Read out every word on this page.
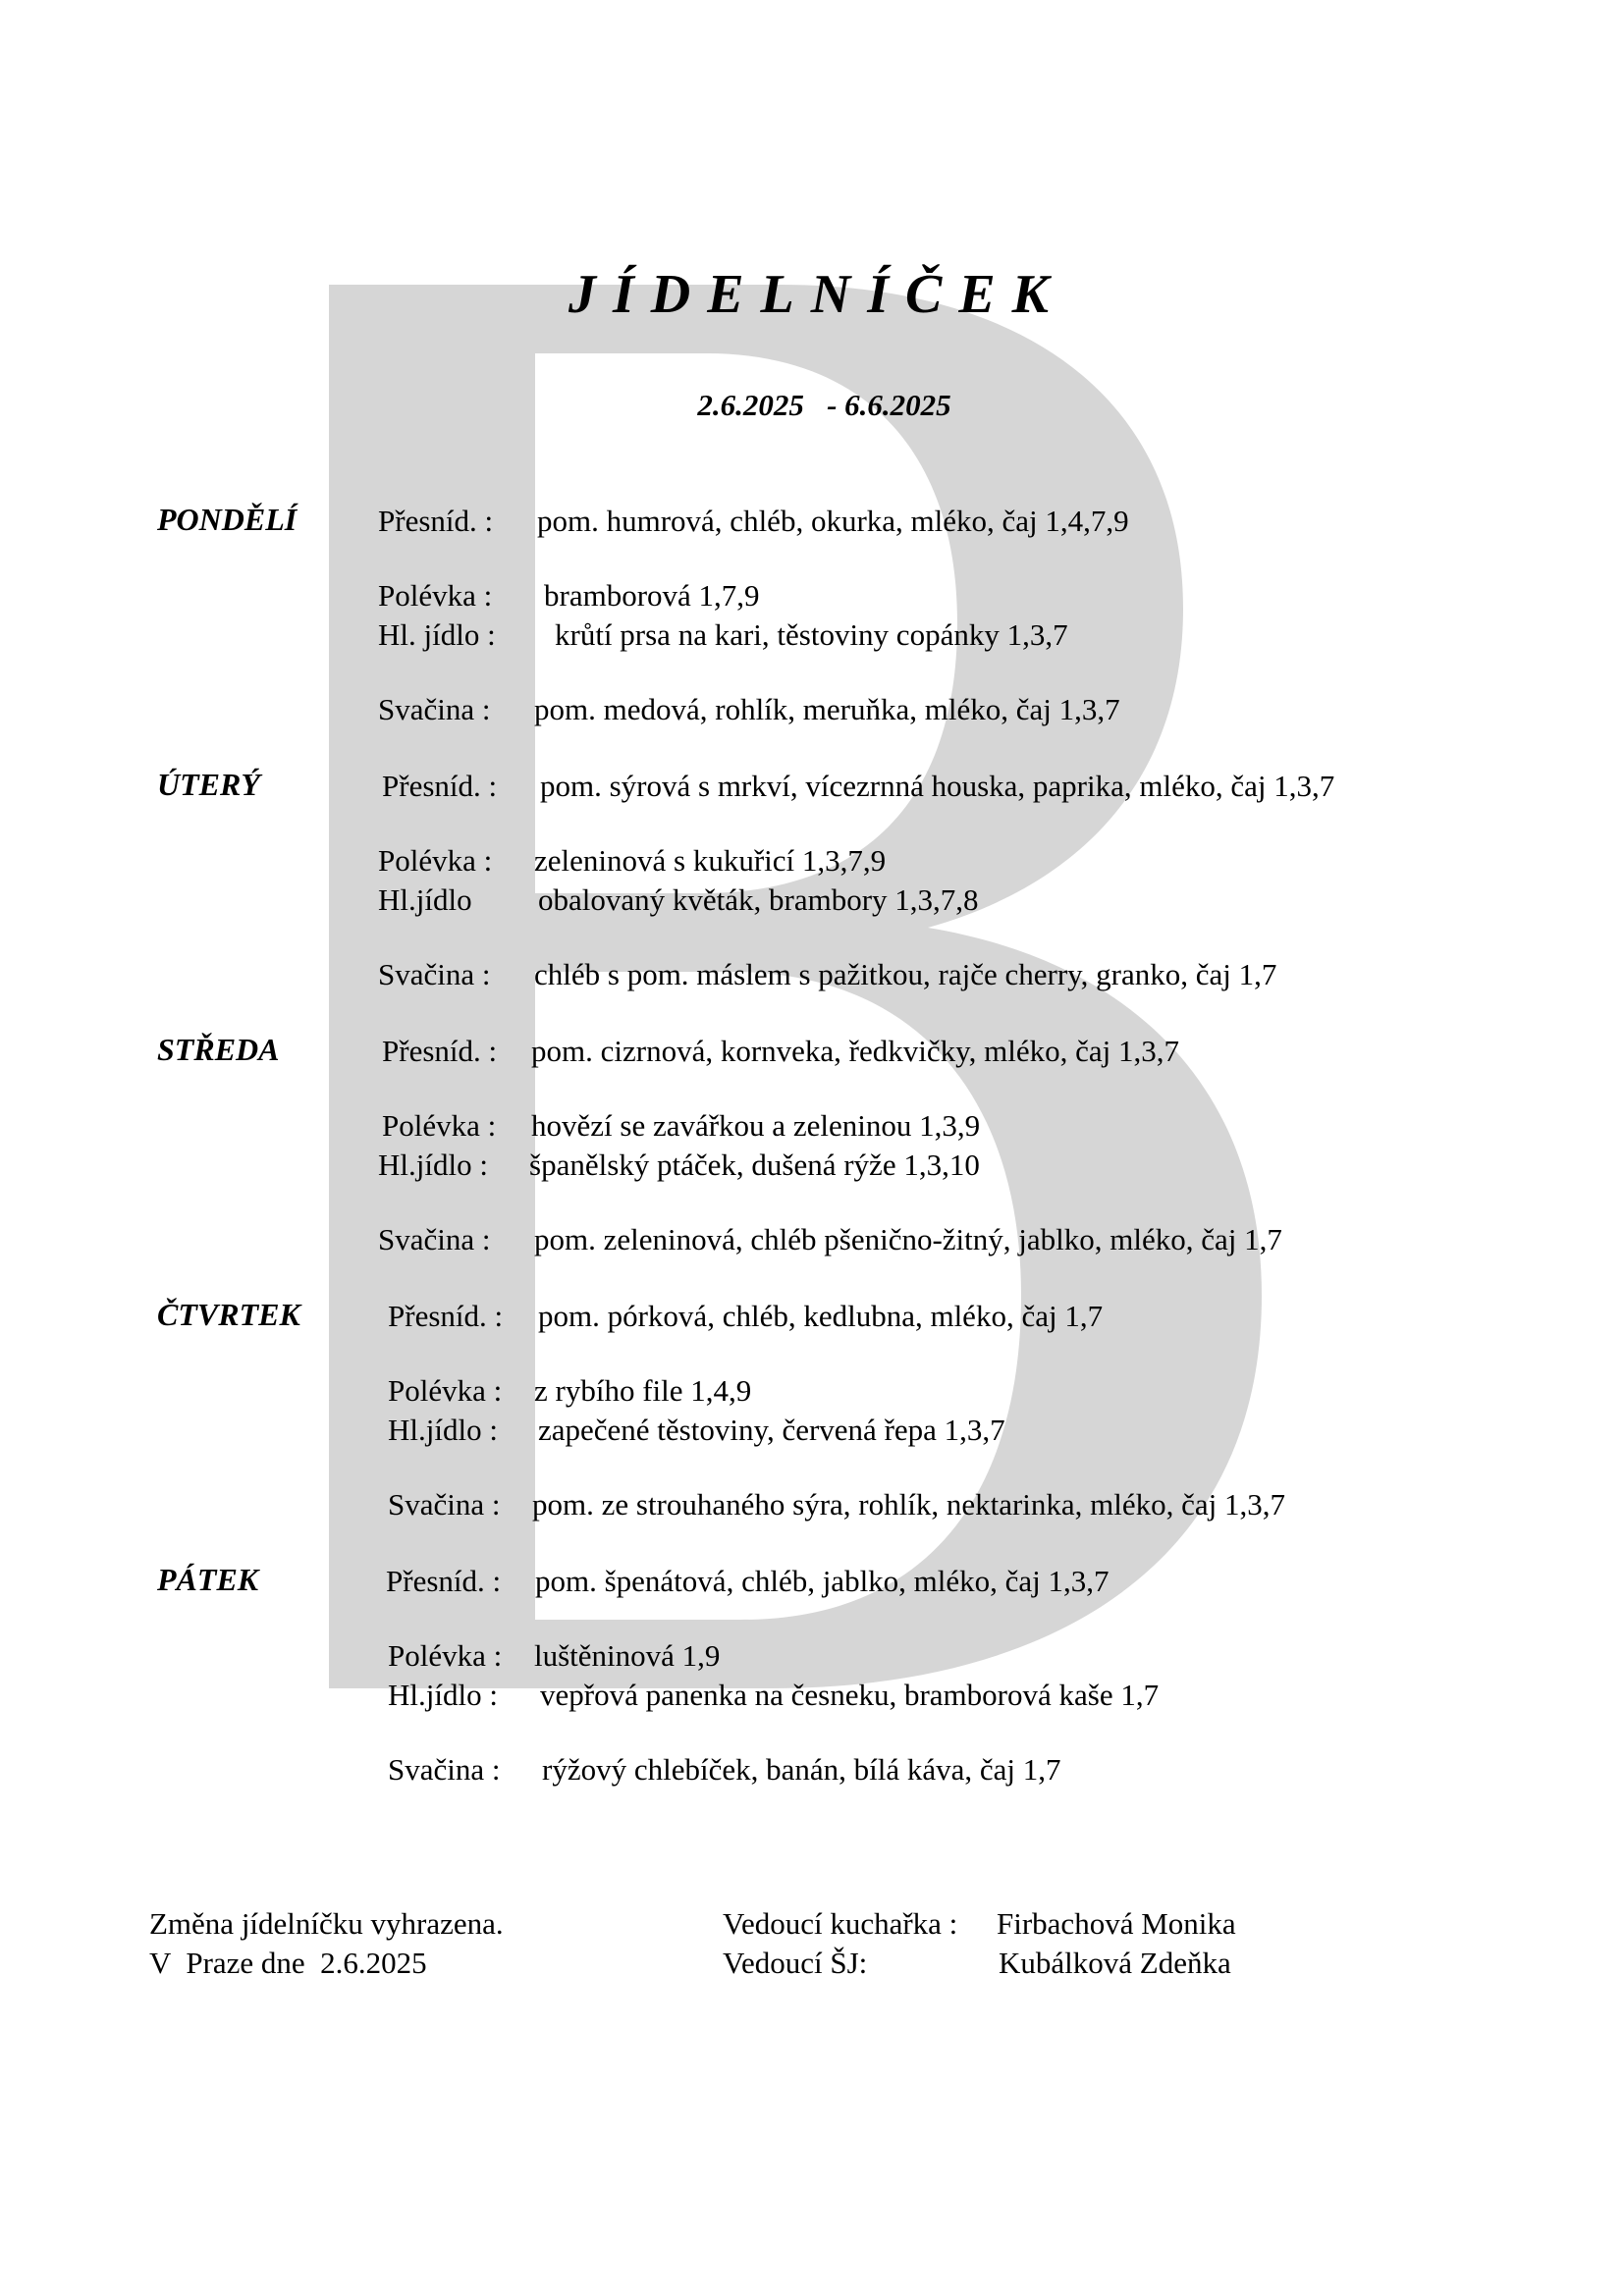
JÍDELNÍČEK
2.6.2025   - 6.6.2025
PONDĚLÍ	Přesníd. : pom. humrová, chléb, okurka, mléko, čaj 1,4,7,9
Polévka : bramborová 1,7,9
Hl. jídlo : krůtí prsa na kari, těstoviny copánky 1,3,7
Svačina : pom. medová, rohlík, meruňka, mléko, čaj 1,3,7
ÚTERÝ	Přesníd. : pom. sýrová s mrkví, vícezrnná houska, paprika, mléko, čaj 1,3,7
Polévka : zeleninová s kukuřicí 1,3,7,9
Hl.jídlo obalovaný květák, brambory 1,3,7,8
Svačina : chléb s pom. máslem s pažitkou, rajče cherry, granko, čaj 1,7
STŘEDA	Přesníd. : pom. cizrnová, kornveka, ředkvičky, mléko, čaj 1,3,7
Polévka : hovězí se zavářkou a zeleninou 1,3,9
Hl.jídlo : španělský ptáček, dušená rýže 1,3,10
Svačina : pom. zeleninová, chléb pšenično-žitný, jablko, mléko, čaj 1,7
ČTVRTEK	Přesníd. : pom. pórková, chléb, kedlubna, mléko, čaj 1,7
Polévka : z rybího file 1,4,9
Hl.jídlo : zapečené těstoviny, červená řepa 1,3,7
Svačina : pom. ze strouhaného sýra, rohlík, nektarinka, mléko, čaj 1,3,7
PÁTEK	Přesníd. : pom. špenátová, chléb, jablko, mléko, čaj 1,3,7
Polévka : luštěninová 1,9
Hl.jídlo : vepřová panenka na česneku, bramborová kaše 1,7
Svačina : rýžový chlebíček, banán, bílá káva, čaj 1,7
Změna jídelníčku vyhrazena.
V  Praze dne  2.6.2025
Vedoucí kuchařka : Firbachová Monika
Vedoucí ŠJ:	Kubálková Zdeňka
